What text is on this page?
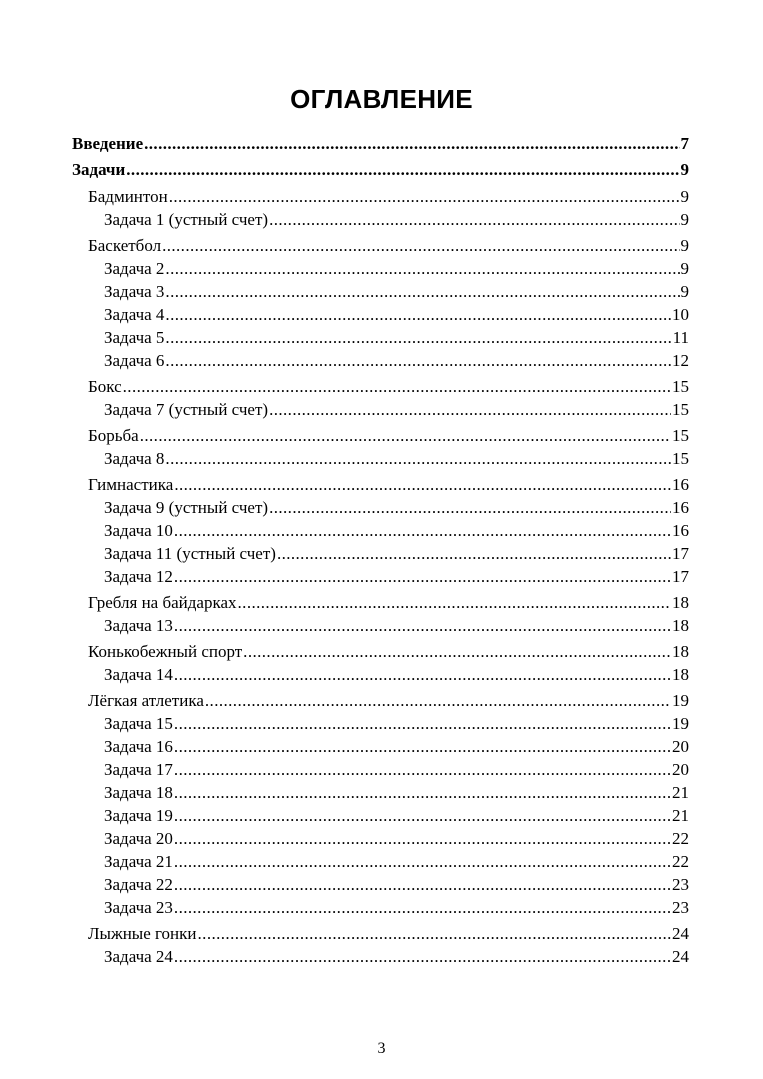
ОГЛАВЛЕНИЕ
Введение .....	7
Задачи .....	9
Бадминтон .....	9
Задача 1 (устный счет) .....	9
Баскетбол .....	9
Задача 2 .....	9
Задача 3 .....	9
Задача 4 .....	10
Задача 5 .....	11
Задача 6 .....	12
Бокс .....	15
Задача 7 (устный счет) .....	15
Борьба .....	15
Задача 8 .....	15
Гимнастика .....	16
Задача 9 (устный счет) .....	16
Задача 10 .....	16
Задача 11 (устный счет) .....	17
Задача 12 .....	17
Гребля на байдарках .....	18
Задача 13 .....	18
Конькобежный спорт .....	18
Задача 14 .....	18
Лёгкая атлетика .....	19
Задача 15 .....	19
Задача 16 .....	20
Задача 17 .....	20
Задача 18 .....	21
Задача 19 .....	21
Задача 20 .....	22
Задача 21 .....	22
Задача 22 .....	23
Задача 23 .....	23
Лыжные гонки .....	24
Задача 24 .....	24
3
